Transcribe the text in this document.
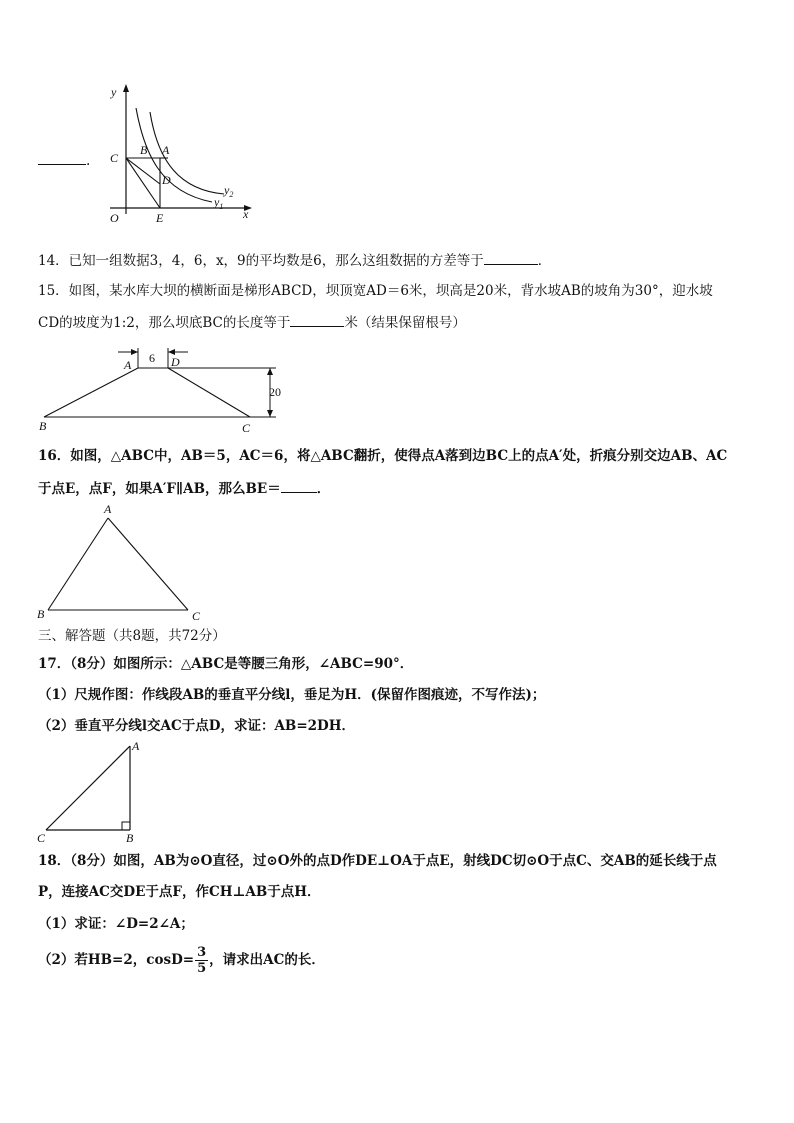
.
y
x
O
C
B A
D
E
$y_2$
$y_1$
14．已知一组数据3，4，6，x，9的平均数是6，那么这组数据的方差等于	．
15．如图，某水库大坝的横断面是梯形ABCD，坝顶宽AD＝6米，坝高是20米，背水坡AB的坡角为30°，迎水坡
CD的坡度为1:2，那么坝底BC的长度等于	米（结果保留根号）
6
20
A	D
B	C
16．如图，△ABC中，AB＝5，AC＝6，将△ABC翻折，使得点A落到边BC上的点A′处，折痕分别交边AB、AC
于点E，点F，如果A′F∥AB，那么BE＝	．
A
B	C
三、解答题（共8题，共72分）
17．（8分）如图所示：△ABC是等腰三角形，∠ABC=90°．
（1）尺规作图：作线段AB的垂直平分线l，垂足为H．(保留作图痕迹，不写作法)；
（2）垂直平分线l交AC于点D，求证：AB=2DH．
A
B
C
18．（8分）如图，AB为⊙O直径，过⊙O外的点D作DE⊥OA于点E，射线DC切⊙O于点C、交AB的延长线于点
P，连接AC交DE于点F，作CH⊥AB于点H．
（1）求证：∠D=2∠A；
（2）若HB=2，$\cos D= \frac{3}{5}$ ，请求出AC的长．
